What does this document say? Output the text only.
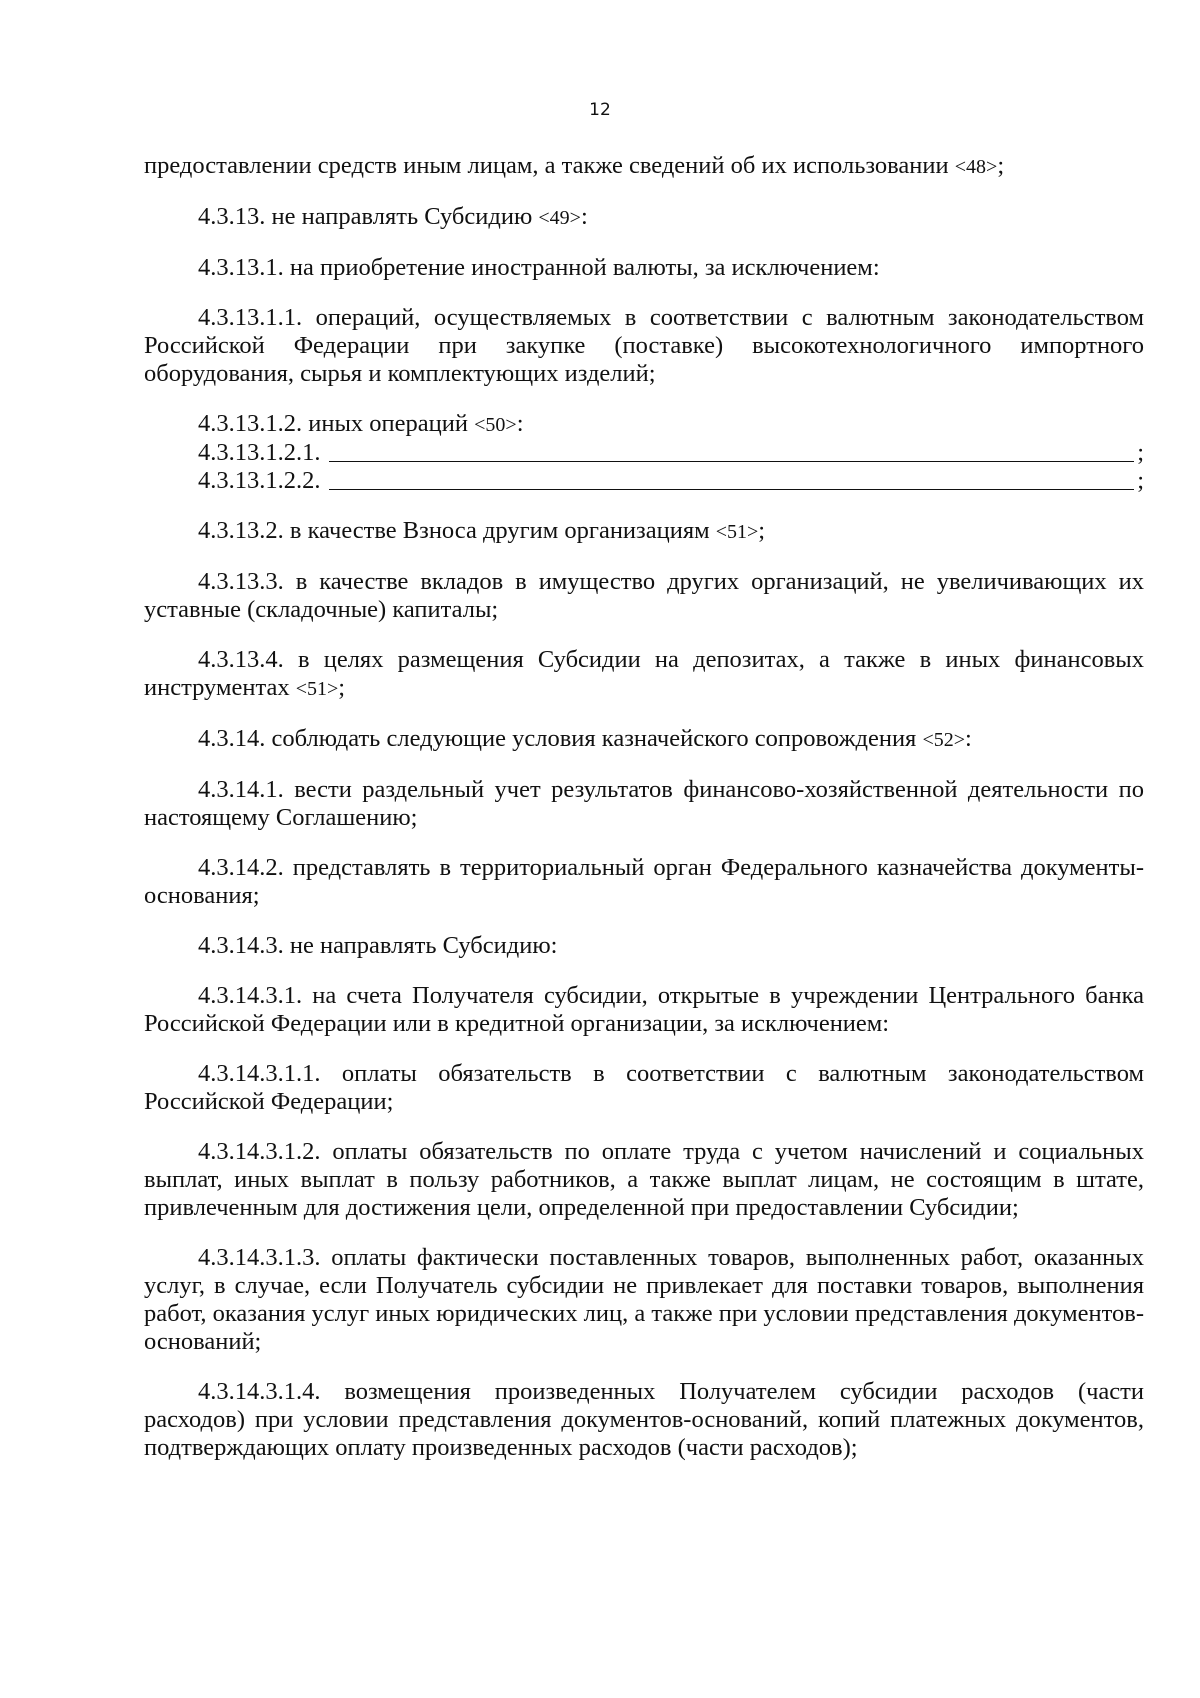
12

предоставлении средств иным лицам, а также сведений об их использовании <48>;

4.3.13. не направлять Субсидию <49>:

4.3.13.1. на приобретение иностранной валюты, за исключением:

4.3.13.1.1. операций, осуществляемых в соответствии с валютным законодательством Российской Федерации при закупке (поставке) высокотехнологичного импортного оборудования, сырья и комплектующих изделий;

4.3.13.1.2. иных операций <50>:

4.3.13.1.2.1.	;
4.3.13.1.2.2.	;

4.3.13.2. в качестве Взноса другим организациям <51>;

4.3.13.3. в качестве вкладов в имущество других организаций, не увеличивающих их уставные (складочные) капиталы;

4.3.13.4. в целях размещения Субсидии на депозитах, а также в иных финансовых инструментах <51>;

4.3.14. соблюдать следующие условия казначейского сопровождения <52>:

4.3.14.1. вести раздельный учет результатов финансово-хозяйственной деятельности по настоящему Соглашению;

4.3.14.2. представлять в территориальный орган Федерального казначейства документы-основания;

4.3.14.3. не направлять Субсидию:

4.3.14.3.1. на счета Получателя субсидии, открытые в учреждении Центрального банка Российской Федерации или в кредитной организации, за исключением:

4.3.14.3.1.1. оплаты обязательств в соответствии с валютным законодательством Российской Федерации;

4.3.14.3.1.2. оплаты обязательств по оплате труда с учетом начислений и социальных выплат, иных выплат в пользу работников, а также выплат лицам, не состоящим в штате, привлеченным для достижения цели, определенной при предоставлении Субсидии;

4.3.14.3.1.3. оплаты фактически поставленных товаров, выполненных работ, оказанных услуг, в случае, если Получатель субсидии не привлекает для поставки товаров, выполнения работ, оказания услуг иных юридических лиц, а также при условии представления документов-оснований;

4.3.14.3.1.4. возмещения произведенных Получателем субсидии расходов (части расходов) при условии представления документов-оснований, копий платежных документов, подтверждающих оплату произведенных расходов (части расходов);
